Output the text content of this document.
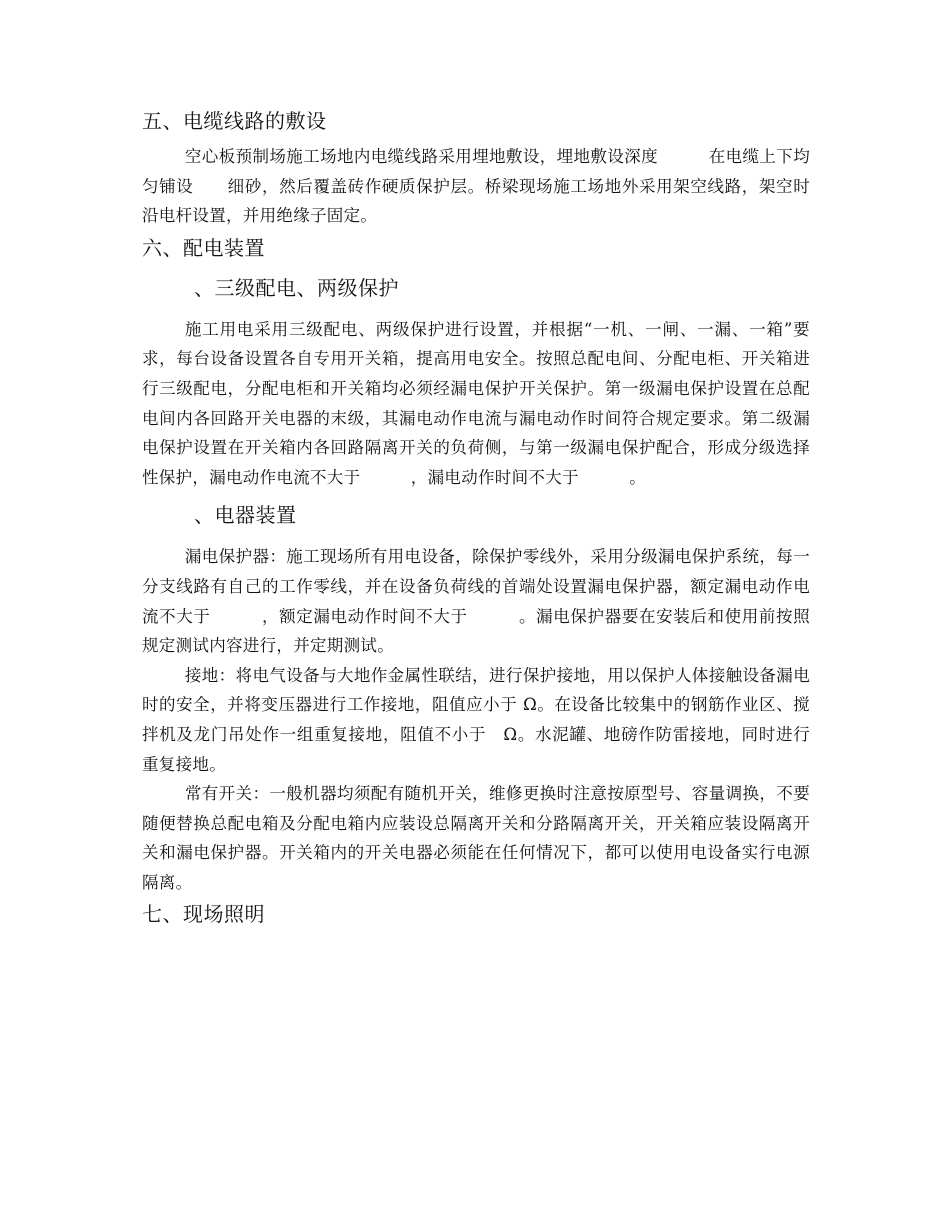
五、电缆线路的敷设

空心板预制场施工场地内电缆线路采用埋地敷设，埋地敷设深度　　　在电缆上下均匀铺设　　细砂，然后覆盖砖作硬质保护层。桥梁现场施工场地外采用架空线路，架空时沿电杆设置，并用绝缘子固定。

六、配电装置
、三级配电、两级保护

施工用电采用三级配电、两级保护进行设置，并根据“一机、一闸、一漏、一箱”要求，每台设备设置各自专用开关箱，提高用电安全。按照总配电间、分配电柜、开关箱进行三级配电，分配电柜和开关箱均必须经漏电保护开关保护。第一级漏电保护设置在总配电间内各回路开关电器的末级，其漏电动作电流与漏电动作时间符合规定要求。第二级漏电保护设置在开关箱内各回路隔离开关的负荷侧，与第一级漏电保护配合，形成分级选择性保护，漏电动作电流不大于　　　，漏电动作时间不大于　　　。

、电器装置

漏电保护器：施工现场所有用电设备，除保护零线外，采用分级漏电保护系统，每一分支线路有自己的工作零线，并在设备负荷线的首端处设置漏电保护器，额定漏电动作电流不大于　　　，额定漏电动作时间不大于　　　。漏电保护器要在安装后和使用前按照规定测试内容进行，并定期测试。

接地：将电气设备与大地作金属性联结，进行保护接地，用以保护人体接触设备漏电时的安全，并将变压器进行工作接地，阻值应小于 Ω。在设备比较集中的钢筋作业区、搅拌机及龙门吊处作一组重复接地，阻值不小于　Ω。水泥罐、地磅作防雷接地，同时进行重复接地。

常有开关：一般机器均须配有随机开关，维修更换时注意按原型号、容量调换，不要随便替换总配电箱及分配电箱内应装设总隔离开关和分路隔离开关，开关箱应装设隔离开关和漏电保护器。开关箱内的开关电器必须能在任何情况下，都可以使用电设备实行电源隔离。

七、现场照明
